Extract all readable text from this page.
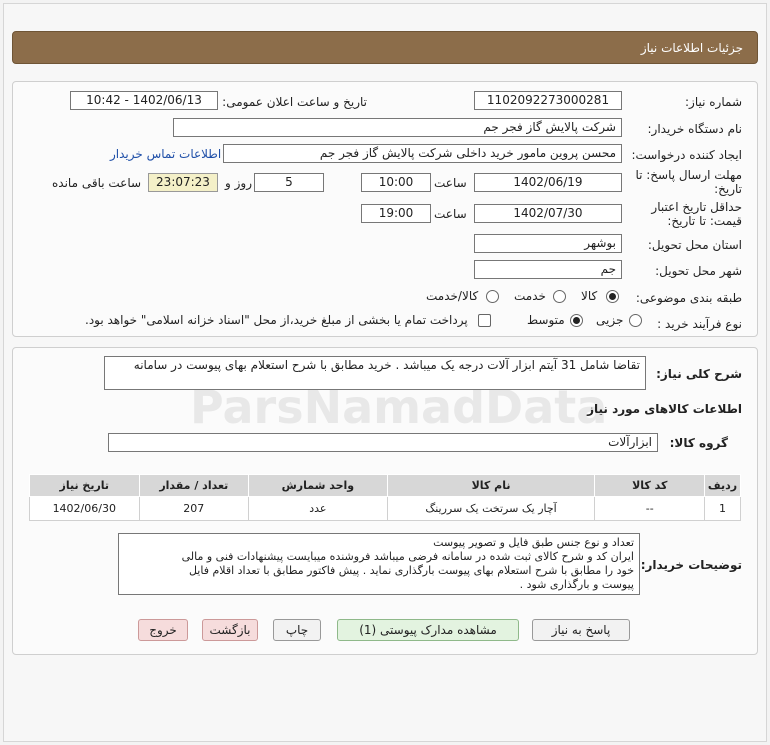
جزئیات اطلاعات نیاز
شماره نیاز:
1102092273000281
تاریخ و ساعت اعلان عمومی:
1402/06/13 - 10:42
نام دستگاه خریدار:
شرکت پالایش گاز فجر جم
ایجاد کننده درخواست:
محسن پروین مامور خرید داخلی شرکت پالایش گاز فجر جم
اطلاعات تماس خریدار
مهلت ارسال پاسخ: تا
تاریخ:
1402/06/19
ساعت
10:00
5
روز و
23:07:23
ساعت باقی مانده
حداقل تاریخ اعتبار
قیمت: تا تاریخ:
1402/07/30
ساعت
19:00
استان محل تحویل:
بوشهر
شهر محل تحویل:
جم
طبقه بندی موضوعی:
کالا
خدمت
کالا/خدمت
نوع فرآیند خرید :
جزیی
متوسط
پرداخت تمام یا بخشی از مبلغ خرید،از محل "اسناد خزانه اسلامی" خواهد بود.
شرح کلی نیاز:
تقاضا شامل 31 آیتم ابزار آلات درجه یک میباشد . خرید مطابق با شرح استعلام بهای پیوست در سامانه
اطلاعات کالاهای مورد نیاز
گروه کالا:
ابزارآلات
ردیف	کد کالا	نام کالا	واحد شمارش	تعداد / مقدار	تاریخ نیاز
1	--	آچار یک سرتخت یک سررینگ	عدد	207	1402/06/30
توضیحات خریدار:
تعداد و نوع جنس طبق فایل و تصویر پیوست
ایران کد و شرح کالای ثبت شده در سامانه فرضی میباشد فروشنده میبایست پیشنهادات فنی و مالی
خود را مطابق با شرح استعلام بهای پیوست بارگذاری نماید . پیش فاکتور مطابق با تعداد اقلام فایل
پیوست و بارگذاری شود .
پاسخ به نیاز
مشاهده مدارک پیوستی (1)
چاپ
بازگشت
خروج
